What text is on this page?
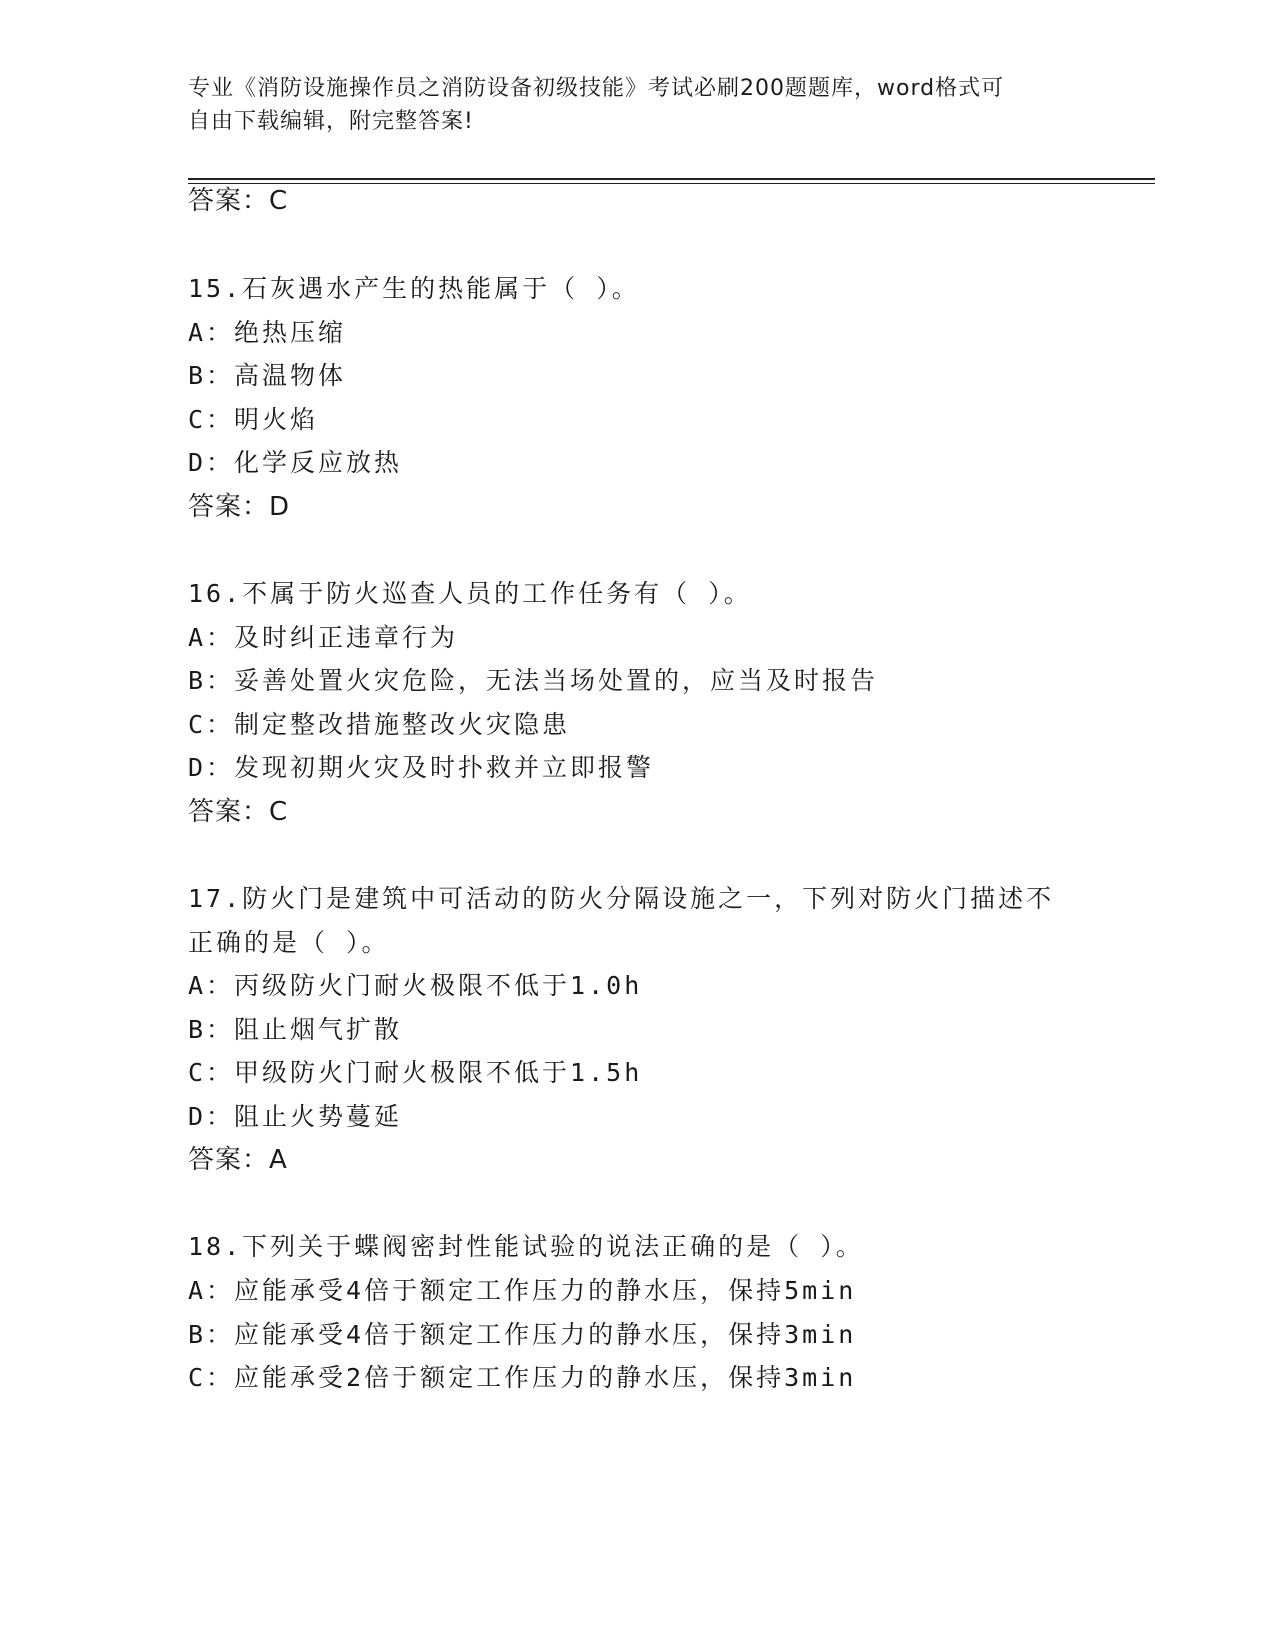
专业《消防设施操作员之消防设备初级技能》考试必刷200题题库，word格式可
自由下载编辑，附完整答案!
答案：C
15.石灰遇水产生的热能属于（ ）。
A：绝热压缩
B：高温物体
C：明火焰
D：化学反应放热
答案：D
16.不属于防火巡查人员的工作任务有（ ）。
A：及时纠正违章行为
B：妥善处置火灾危险，无法当场处置的，应当及时报告
C：制定整改措施整改火灾隐患
D：发现初期火灾及时扑救并立即报警
答案：C
17.防火门是建筑中可活动的防火分隔设施之一，下列对防火门描述不
正确的是（ ）。
A：丙级防火门耐火极限不低于1.0h
B：阻止烟气扩散
C：甲级防火门耐火极限不低于1.5h
D：阻止火势蔓延
答案：A
18.下列关于蝶阀密封性能试验的说法正确的是（ ）。
A：应能承受4倍于额定工作压力的静水压，保持5min
B：应能承受4倍于额定工作压力的静水压，保持3min
C：应能承受2倍于额定工作压力的静水压，保持3min
